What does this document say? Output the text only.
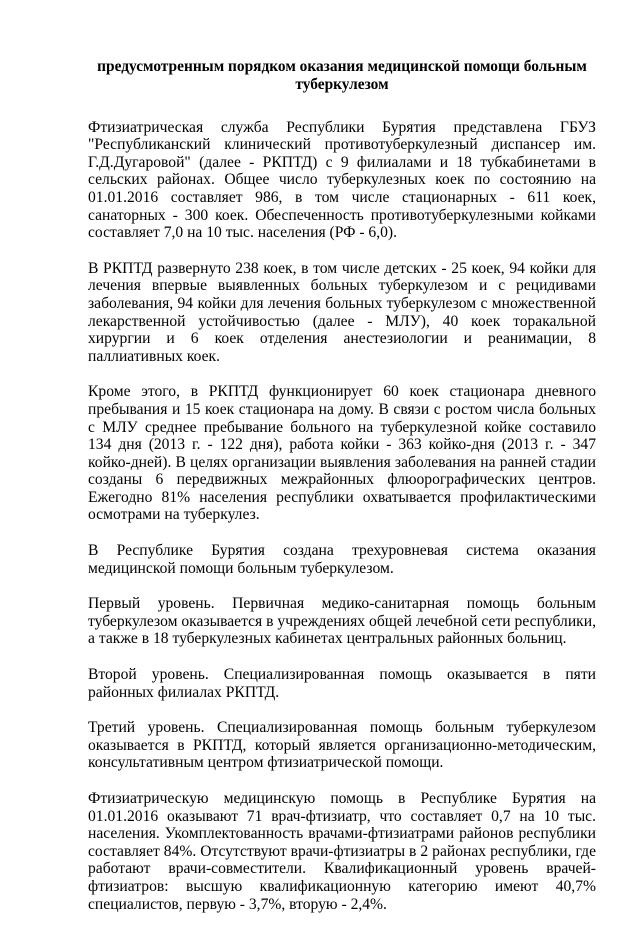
предусмотренным порядком оказания медицинской помощи больным туберкулезом

Фтизиатрическая служба Республики Бурятия представлена ГБУЗ "Республиканский клинический противотуберкулезный диспансер им. Г.Д.Дугаровой" (далее - РКПТД) с 9 филиалами и 18 тубкабинетами в сельских районах. Общее число туберкулезных коек по состоянию на 01.01.2016 составляет 986, в том числе стационарных - 611 коек, санаторных - 300 коек. Обеспеченность противотуберкулезными койками составляет 7,0 на 10 тыс. населения (РФ - 6,0).

В РКПТД развернуто 238 коек, в том числе детских - 25 коек, 94 койки для лечения впервые выявленных больных туберкулезом и с рецидивами заболевания, 94 койки для лечения больных туберкулезом с множественной лекарственной устойчивостью (далее - МЛУ), 40 коек торакальной хирургии и 6 коек отделения анестезиологии и реанимации, 8 паллиативных коек.

Кроме этого, в РКПТД функционирует 60 коек стационара дневного пребывания и 15 коек стационара на дому. В связи с ростом числа больных с МЛУ среднее пребывание больного на туберкулезной койке составило 134 дня (2013 г. - 122 дня), работа койки - 363 койко-дня (2013 г. - 347 койко-дней). В целях организации выявления заболевания на ранней стадии созданы 6 передвижных межрайонных флюорографических центров. Ежегодно 81% населения республики охватывается профилактическими осмотрами на туберкулез.

В Республике Бурятия создана трехуровневая система оказания медицинской помощи больным туберкулезом.

Первый уровень. Первичная медико-санитарная помощь больным туберкулезом оказывается в учреждениях общей лечебной сети республики, а также в 18 туберкулезных кабинетах центральных районных больниц.

Второй уровень. Специализированная помощь оказывается в пяти районных филиалах РКПТД.

Третий уровень. Специализированная помощь больным туберкулезом оказывается в РКПТД, который является организационно-методическим, консультативным центром фтизиатрической помощи.

Фтизиатрическую медицинскую помощь в Республике Бурятия на 01.01.2016 оказывают 71 врач-фтизиатр, что составляет 0,7 на 10 тыс. населения. Укомплектованность врачами-фтизиатрами районов республики составляет 84%. Отсутствуют врачи-фтизиатры в 2 районах республики, где работают врачи-совместители. Квалификационный уровень врачей-фтизиатров: высшую квалификационную категорию имеют 40,7% специалистов, первую - 3,7%, вторую - 2,4%.
